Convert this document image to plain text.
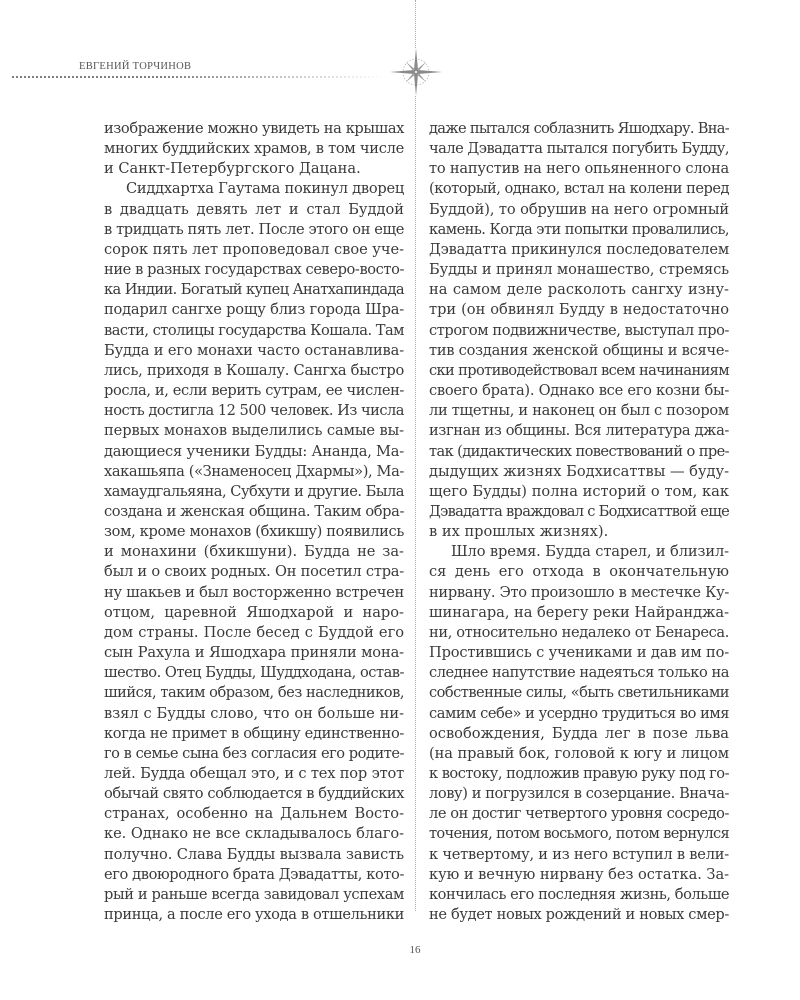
ЕВГЕНИЙ ТОРЧИНОВ
изображение можно увидеть на крышах
многих буддийских храмов, в том числе
и Санкт-Петербургского Дацана.
Сиддхартха Гаутама покинул дворец
в двадцать девять лет и стал Буддой
в тридцать пять лет. После этого он еще
сорок пять лет проповедовал свое уче-
ние в разных государствах северо-восто-
ка Индии. Богатый купец Анатхапиндада
подарил сангхе рощу близ города Шра-
васти, столицы государства Кошала. Там
Будда и его монахи часто останавлива-
лись, приходя в Кошалу. Сангха быстро
росла, и, если верить сутрам, ее числен-
ность достигла 12 500 человек. Из числа
первых монахов выделились самые вы-
дающиеся ученики Будды: Ананда, Ма-
хакашьяпа («Знаменосец Дхармы»), Ма-
хамаудгальяяна, Субхути и другие. Была
создана и женская община. Таким обра-
зом, кроме монахов (бхикшу) появились
и монахини (бхикшуни). Будда не за-
был и о своих родных. Он посетил стра-
ну шакьев и был восторженно встречен
отцом, царевной Яшодхарой и наро-
дом страны. После бесед с Буддой его
сын Рахула и Яшодхара приняли мона-
шество. Отец Будды, Шуддходана, остав-
шийся, таким образом, без наследников,
взял с Будды слово, что он больше ни-
когда не примет в общину единственно-
го в семье сына без согласия его родите-
лей. Будда обещал это, и с тех пор этот
обычай свято соблюдается в буддийских
странах, особенно на Дальнем Восто-
ке. Однако не все складывалось благо-
получно. Слава Будды вызвала зависть
его двоюродного брата Дэвадатты, кото-
рый и раньше всегда завидовал успехам
принца, а после его ухода в отшельники
даже пытался соблазнить Яшодхару. Вна-
чале Дэвадатта пытался погубить Будду,
то напустив на него опьяненного слона
(который, однако, встал на колени перед
Буддой), то обрушив на него огромный
камень. Когда эти попытки провалились,
Дэвадатта прикинулся последователем
Будды и принял монашество, стремясь
на самом деле расколоть сангху изну-
три (он обвинял Будду в недостаточно
строгом подвижничестве, выступал про-
тив создания женской общины и всяче-
ски противодействовал всем начинаниям
своего брата). Однако все его козни бы-
ли тщетны, и наконец он был с позором
изгнан из общины. Вся литература джа-
так (дидактических повествований о пре-
дыдущих жизнях Бодхисаттвы — буду-
щего Будды) полна историй о том, как
Дэвадатта враждовал с Бодхисаттвой еще
в их прошлых жизнях).
Шло время. Будда старел, и близил-
ся день его отхода в окончательную
нирвану. Это произошло в местечке Ку-
шинагара, на берегу реки Найранджа-
ни, относительно недалеко от Бенареса.
Простившись с учениками и дав им по-
следнее напутствие надеяться только на
собственные силы, «быть светильниками
самим себе» и усердно трудиться во имя
освобождения, Будда лег в позе льва
(на правый бок, головой к югу и лицом
к востоку, подложив правую руку под го-
лову) и погрузился в созерцание. Внача-
ле он достиг четвертого уровня сосредо-
точения, потом восьмого, потом вернулся
к четвертому, и из него вступил в вели-
кую и вечную нирвану без остатка. За-
кончилась его последняя жизнь, больше
не будет новых рождений и новых смер-
16
